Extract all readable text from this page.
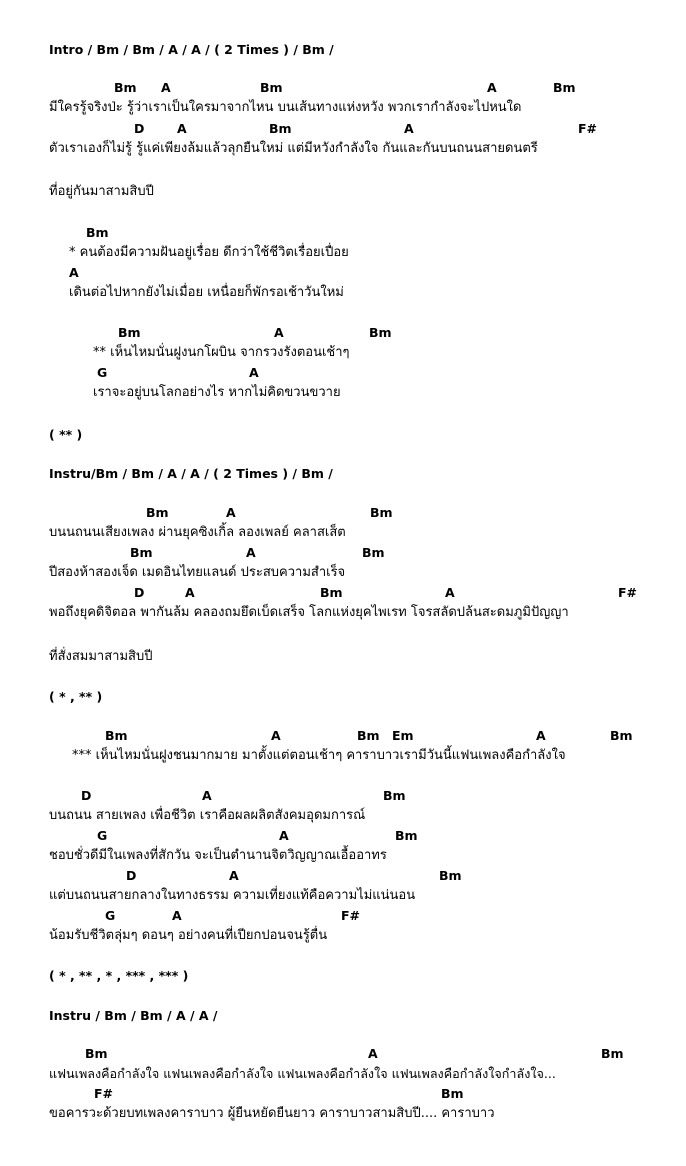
Intro / Bm / Bm / A / A / ( 2 Times ) / Bm /
Bm A	Bm	A	Bm
มีใครรู้จริงป่ะ รู้ว่าเราเป็นใครมาจากไหน บนเส้นทางแห่งหวัง พวกเรากำลังจะไปหนใด
D	A	Bm	A	F#
ตัวเราเองก็ไม่รู้ รู้แค่เพียงล้มแล้วลุกยืนใหม่ แต่มีหวังกำลังใจ กันและกันบนถนนสายดนตรี
ที่อยู่กันมาสามสิบปี
Bm
* คนต้องมีความฝันอยู่เรื่อย ดีกว่าใช้ชีวิตเรื่อยเปื่อย
A
เดินต่อไปหากยังไม่เมื่อย เหนื่อยก็พักรอเช้าวันใหม่
Bm	A	Bm
** เห็นไหมนั่นฝูงนกโผบิน จากรวงรังตอนเช้าๆ
G	A
เราจะอยู่บนโลกอย่างไร หากไม่คิดขวนขวาย
( ** )
Instru/Bm / Bm / A / A / ( 2 Times ) / Bm /
Bm	A	Bm
บนนถนนเสียงเพลง ผ่านยุคซิงเกิ้ล ลองเพลย์ คลาสเส็ต
Bm	A	Bm
ปีสองห้าสองเจ็ด เมดอินไทยแลนด์ ประสบความสำเร็จ
D	A	Bm	A	F#
พอถึงยุคดิจิตอล พากันล้ม คลองถมยึดเบ็ดเสร็จ โลกแห่งยุคไพเรท โจรสลัดปล้นสะดมภูมิปัญญา
ที่สั่งสมมาสามสิบปี
( * , ** )
Bm	A	Bm Em	A	Bm
*** เห็นไหมนั่นฝูงชนมากมาย มาตั้งแต่ตอนเช้าๆ คาราบาวเรามีวันนี้แฟนเพลงคือกำลังใจ
D	A	Bm
บนถนน สายเพลง เพื่อชีวิต เราคือผลผลิตสังคมอุดมการณ์
G	A	Bm
ชอบชั่วดีมีในเพลงที่สักวัน จะเป็นตำนานจิตวิญญาณเอื้ออาทร
D	A	Bm
แต่บนถนนสายกลางในทางธรรม ความเที่ยงแท้คือความไม่แน่นอน
G	A	F#
น้อมรับชีวิตลุ่มๆ ดอนๆ อย่างคนที่เปียกปอนจนรู้ตื่น
( * , ** , * , *** , *** )
Instru / Bm / Bm / A / A /
Bm	A	Bm
แฟนเพลงคือกำลังใจ แฟนเพลงคือกำลังใจ แฟนเพลงคือกำลังใจ แฟนเพลงคือกำลังใจกำลังใจ...
F#	Bm
ขอคารวะด้วยบทเพลงคาราบาว ผู้ยืนหยัดยืนยาว คาราบาวสามสิบปี.... คาราบาว
